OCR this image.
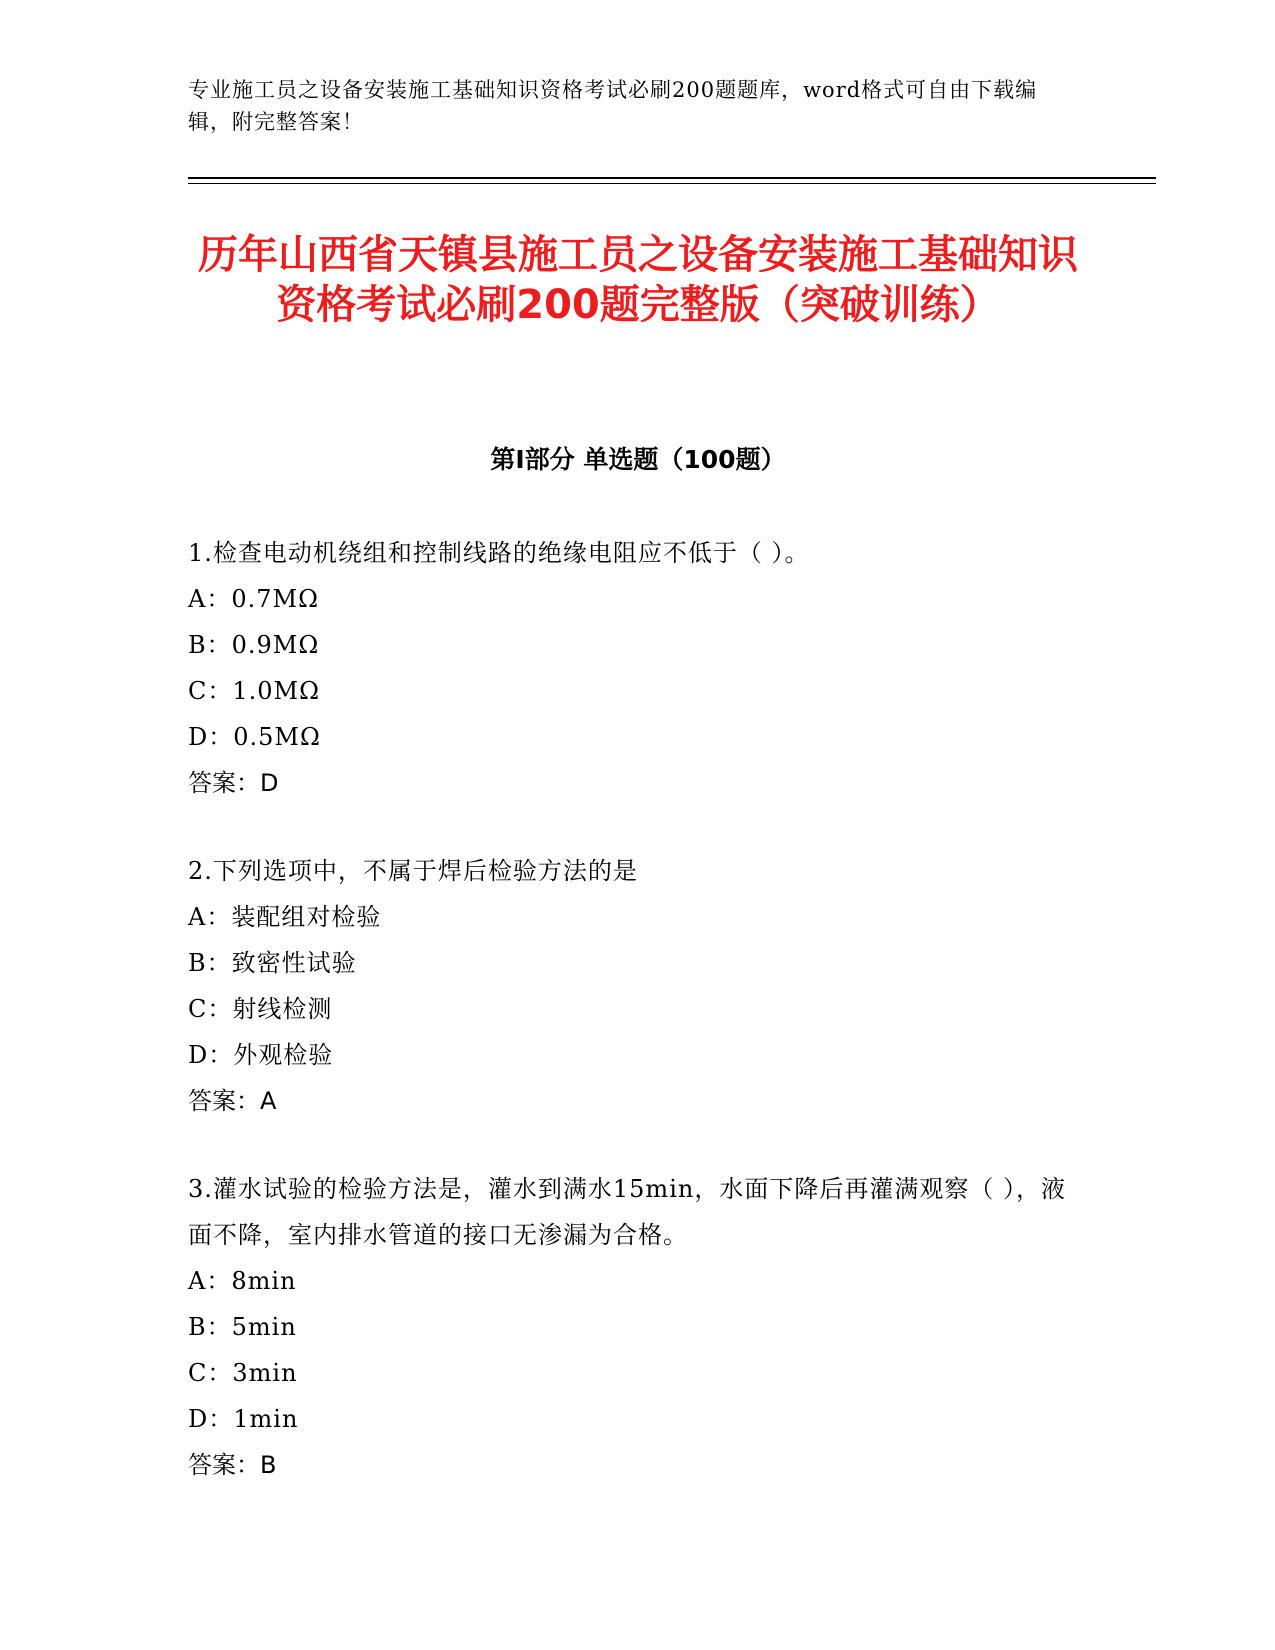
专业施工员之设备安装施工基础知识资格考试必刷200题题库，word格式可自由下载编辑，附完整答案！
历年山西省天镇县施工员之设备安装施工基础知识资格考试必刷200题完整版（突破训练）
第I部分 单选题（100题）
1.检查电动机绕组和控制线路的绝缘电阻应不低于（ ）。
A：0.7MΩ
B：0.9MΩ
C：1.0MΩ
D：0.5MΩ
答案：D
2.下列选项中，不属于焊后检验方法的是
A：装配组对检验
B：致密性试验
C：射线检测
D：外观检验
答案：A
3.灌水试验的检验方法是，灌水到满水15min，水面下降后再灌满观察（ ），液面不降，室内排水管道的接口无渗漏为合格。
A：8min
B：5min
C：3min
D：1min
答案：B
